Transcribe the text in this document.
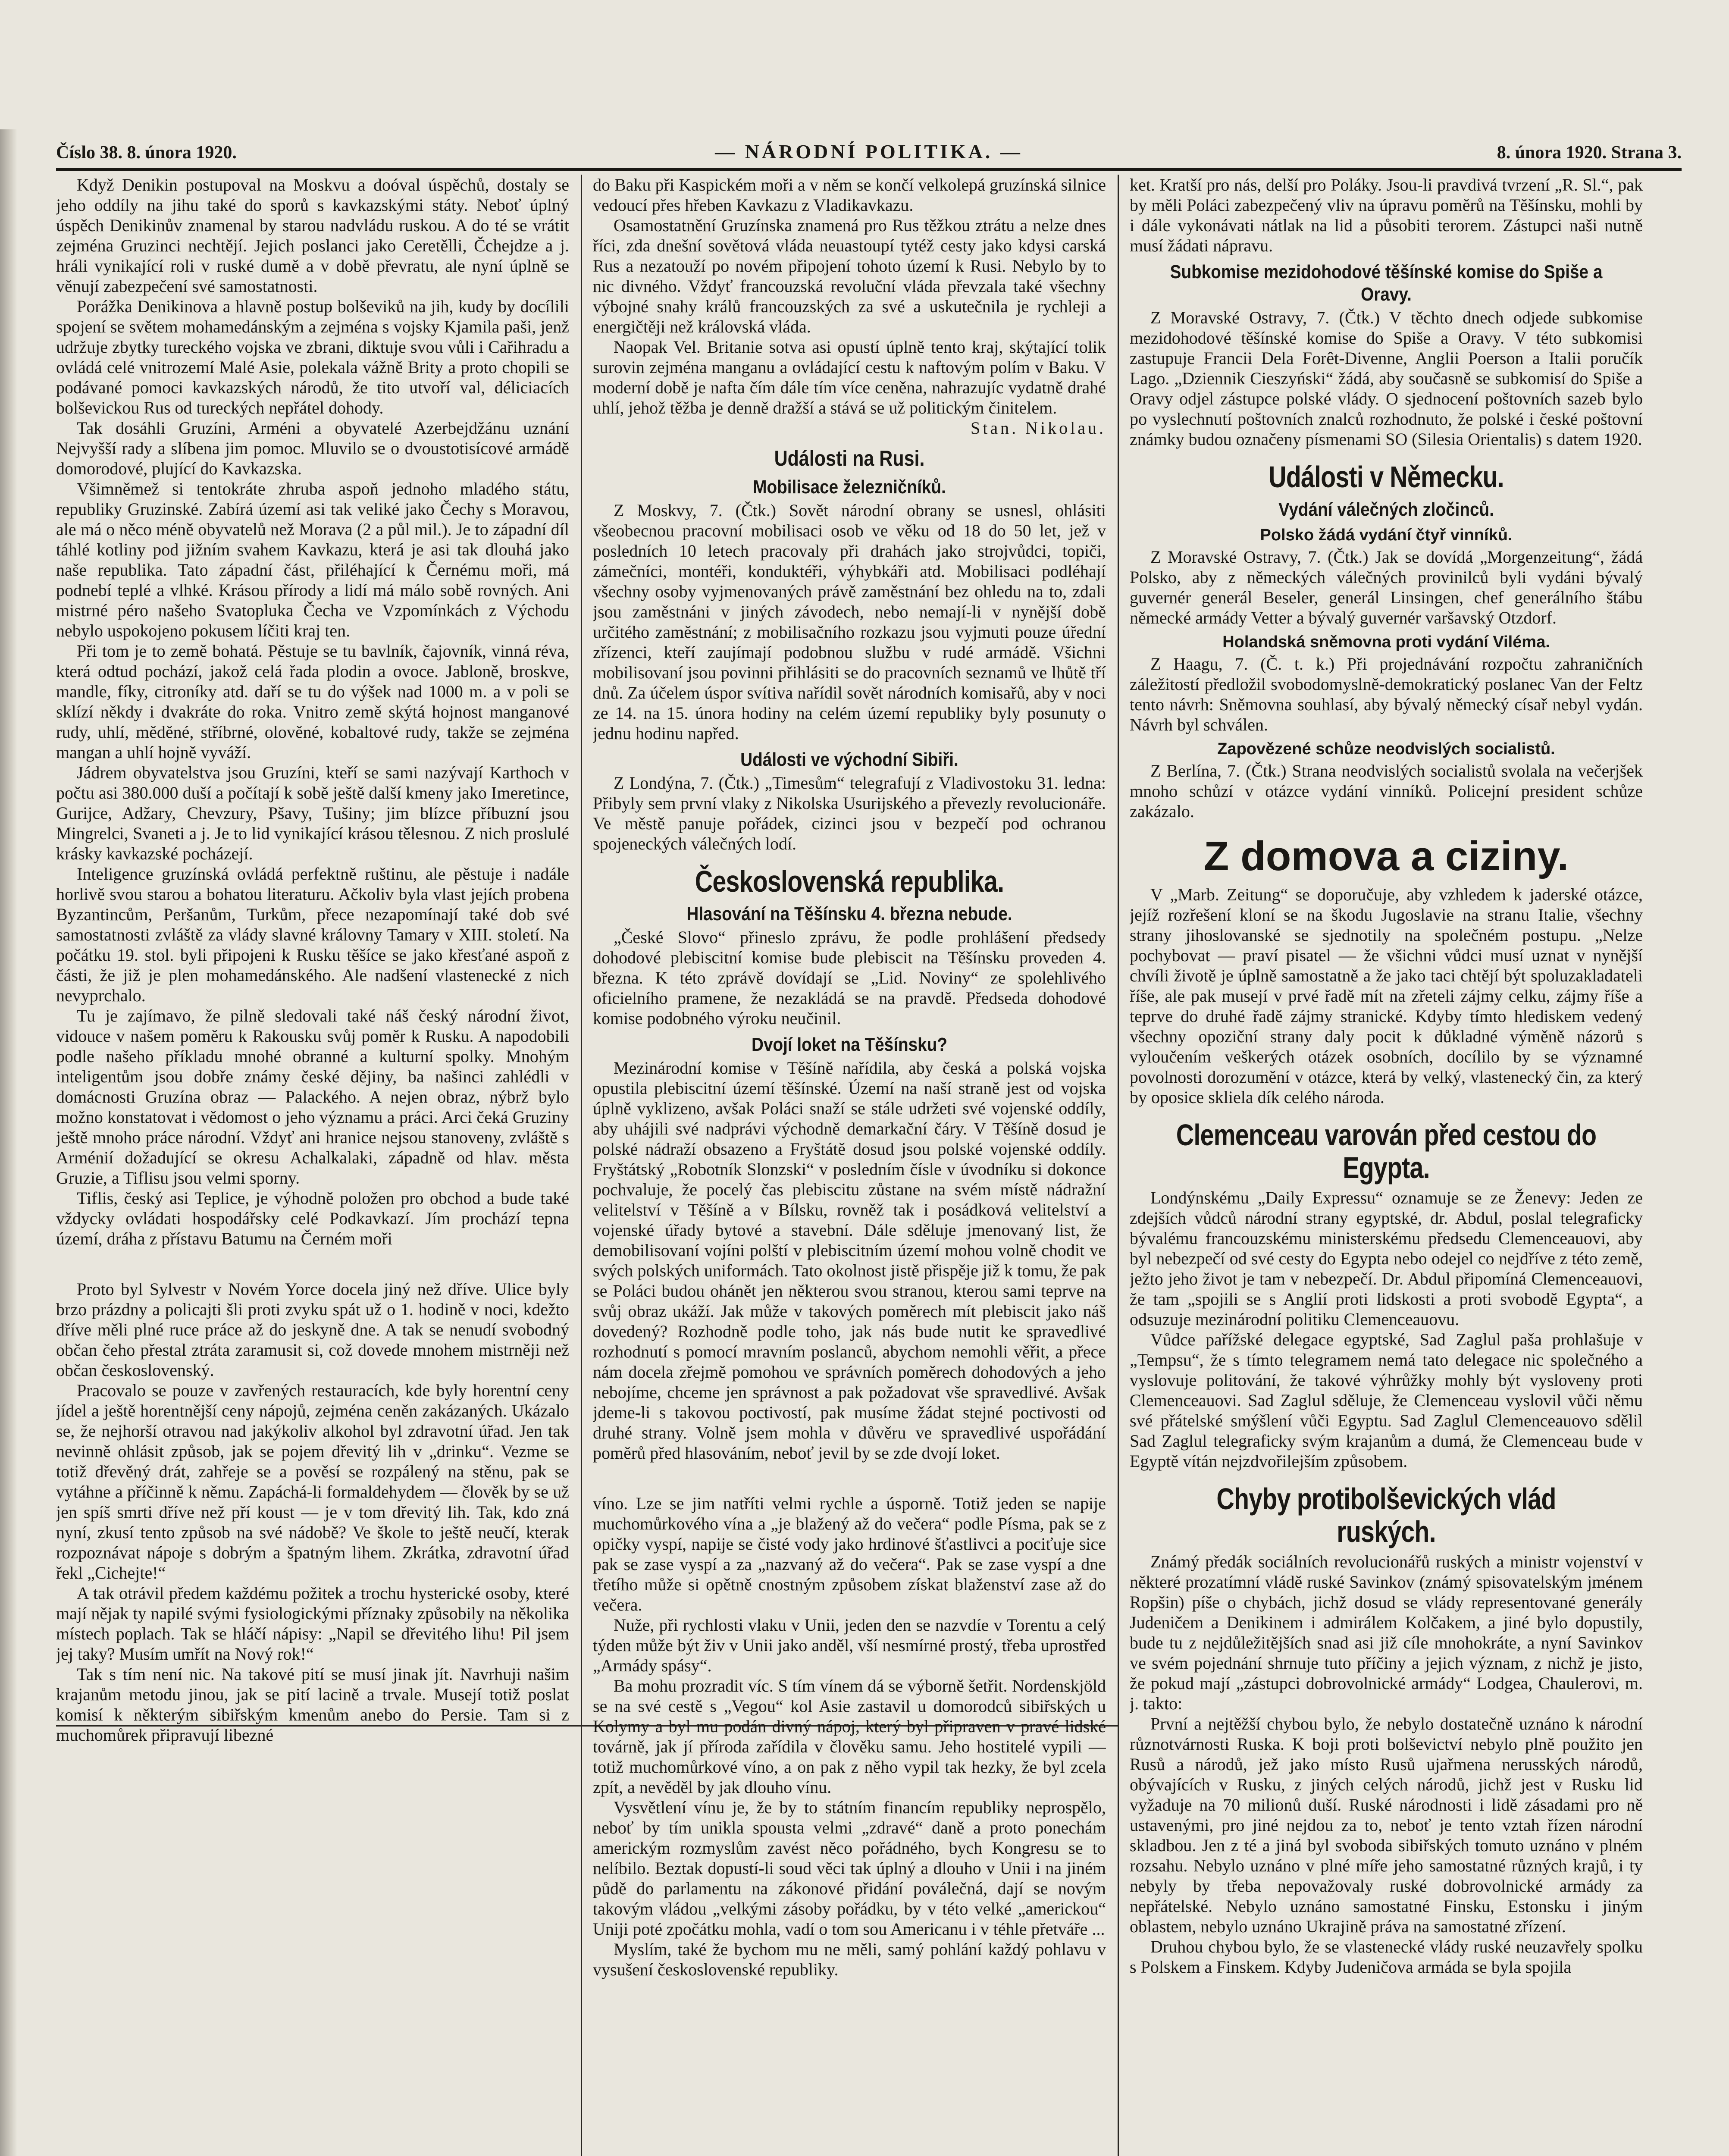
Číslo 38. 8. února 1920.	— NÁRODNÍ POLITIKA. —	8. února 1920. Strana 3.

Když Denikin postupoval na Moskvu a doóval úspěchů, dostaly se jeho oddíly na jihu také do sporů s kavkazskými státy. Neboť úplný úspěch Denikinův znamenal by starou nadvládu ruskou. A do té se vrátit zejména Gruzinci nechtějí. Jejich poslanci jako Ceretělli, Čchejdze a j. hráli vynikající roli v ruské dumě a v době převratu, ale nyní úplně se věnují zabezpečení své samostatnosti.

Porážka Denikinova a hlavně postup bolševiků na jih, kudy by docílili spojení se světem mohamedánským a zejména s vojsky Kjamila paši, jenž udržuje zbytky tureckého vojska ve zbrani, diktuje svou vůli i Cařihradu a ovládá celé vnitrozemí Malé Asie, polekala vážně Brity a proto chopili se podávané pomoci kavkazských národů, že tito utvoří val, déliciacích bolševickou Rus od tureckých nepřátel dohody.

Tak dosáhli Gruzíni, Arméni a obyvatelé Azerbejdžánu uznání Nejvyšší rady a slíbena jim pomoc. Mluvilo se o dvoustotisícové armádě domorodové, plující do Kavkazska.

Všimněmež si tentokráte zhruba aspoň jednoho mladého státu, republiky Gruzinské. Zabírá území asi tak veliké jako Čechy s Moravou, ale má o něco méně obyvatelů než Morava (2 a půl mil.). Je to západní díl táhlé kotliny pod jižním svahem Kavkazu, která je asi tak dlouhá jako naše republika. Tato západní část, přiléhající k Černému moři, má podnebí teplé a vlhké. Krásou přírody a lidí má málo sobě rovných. Ani mistrné péro našeho Svatopluka Čecha ve Vzpomínkách z Východu nebylo uspokojeno pokusem líčiti kraj ten.

Při tom je to země bohatá. Pěstuje se tu bavlník, čajovník, vinná réva, která odtud pochází, jakož celá řada plodin a ovoce. Jabloně, broskve, mandle, fíky, citroníky atd. daří se tu do výšek nad 1000 m. a v poli se sklízí někdy i dvakráte do roka. Vnitro země skýtá hojnost manganové rudy, uhlí, měděné, stříbrné, olověné, kobaltové rudy, takže se zejména mangan a uhlí hojně vyváží.

Jádrem obyvatelstva jsou Gruzíni, kteří se sami nazývají Karthoch v počtu asi 380.000 duší a počítají k sobě ještě další kmeny jako Imeretince, Gurijce, Adžary, Chevzury, Pšavy, Tušiny; jim blízce příbuzní jsou Mingrelci, Svaneti a j. Je to lid vynikající krásou tělesnou. Z nich proslulé krásky kavkazské pocházejí.

Inteligence gruzínská ovládá perfektně ruštinu, ale pěstuje i nadále horlivě svou starou a bohatou literaturu. Ačkoliv byla vlast jejích probena Byzantincům, Peršanům, Turkům, přece nezapomínají také dob své samostatnosti zvláště za vlády slavné královny Tamary v XIII. století. Na počátku 19. stol. byli připojeni k Rusku těšíce se jako křesťané aspoň z části, že již je plen mohamedánského. Ale nadšení vlastenecké z nich nevyprchalo.

Tu je zajímavo, že pilně sledovali také náš český národní život, vidouce v našem poměru k Rakousku svůj poměr k Rusku. A napodobili podle našeho příkladu mnohé obranné a kulturní spolky. Mnohým inteligentům jsou dobře známy české dějiny, ba našinci zahlédli v domácnosti Gruzína obraz — Palackého. A nejen obraz, nýbrž bylo možno konstatovat i vědomost o jeho významu a práci. Arci čeká Gruziny ještě mnoho práce národní. Vždyť ani hranice nejsou stanoveny, zvláště s Arménií dožadující se okresu Achalkalaki, západně od hlav. města Gruzie, a Tiflisu jsou velmi sporny.

Tiflis, český asi Teplice, je výhodně položen pro obchod a bude také vždycky ovládati hospodářsky celé Podkavkazí. Jím prochází tepna území, dráha z přístavu Batumu na Černém moři

Proto byl Sylvestr v Novém Yorce docela jiný než dříve. Ulice byly brzo prázdny a policajti šli proti zvyku spát už o 1. hodině v noci, kdežto dříve měli plné ruce práce až do jeskyně dne. A tak se nenudí svobodný občan čeho přestal ztráta zaramusit si, což dovede mnohem mistrněji než občan československý.

Pracovalo se pouze v zavřených restauracích, kde byly horentní ceny jídel a ještě horentnější ceny nápojů, zejména ceněn zakázaných. Ukázalo se, že nejhorší otravou nad jakýkoliv alkohol byl zdravotní úřad. Jen tak nevinně ohlásit způsob, jak se pojem dřevitý lih v „drinku“. Vezme se totiž dřevěný drát, zahřeje se a pověsí se rozpálený na stěnu, pak se vytáhne a příčinně k němu. Zapáchá-li formaldehydem — člověk by se už jen spíš smrti dříve než pří koust — je v tom dřevitý lih. Tak, kdo zná nyní, zkusí tento způsob na své nádobě? Ve škole to ještě neučí, kterak rozpoznávat nápoje s dobrým a špatným lihem. Zkrátka, zdravotní úřad řekl „Cichejte!“

A tak otrávil předem každému požitek a trochu hysterické osoby, které mají nějak ty napilé svými fysiologickými příznaky způsobily na několika místech poplach. Tak se hláčí nápisy: „Napil se dřevitého lihu! Pil jsem jej taky? Musím umřít na Nový rok!“

Tak s tím není nic. Na takové pití se musí jinak jít. Navrhuji našim krajanům metodu jinou, jak se pití lacině a trvale. Musejí totiž poslat komisí k některým sibiřským kmenům anebo do Persie. Tam si z muchomůrek připravují libezné

do Baku při Kaspickém moři a v něm se končí velkolepá gruzínská silnice vedoucí přes hřeben Kavkazu z Vladikavkazu.

Osamostatnění Gruzínska znamená pro Rus těžkou ztrátu a nelze dnes říci, zda dnešní sovětová vláda neuastoupí tytéž cesty jako kdysi carská Rus a nezatouží po novém připojení tohoto území k Rusi. Nebylo by to nic divného. Vždyť francouzská revoluční vláda převzala také všechny výbojné snahy králů francouzských za své a uskutečnila je rychleji a energičtěji než královská vláda.

Naopak Vel. Britanie sotva asi opustí úplně tento kraj, skýtající tolik surovin zejména manganu a ovládající cestu k naftovým polím v Baku. V moderní době je nafta čím dále tím více ceněna, nahrazujíc vydatně drahé uhlí, jehož těžba je denně dražší a stává se už politickým činitelem.

Stan. Nikolau.

Události na Rusi.
Mobilisace železničníků.

Z Moskvy, 7. (Čtk.) Sovět národní obrany se usnesl, ohlásiti všeobecnou pracovní mobilisaci osob ve věku od 18 do 50 let, jež v posledních 10 letech pracovaly při drahách jako strojvůdci, topiči, zámečníci, montéři, konduktéři, výhybkáři atd. Mobilisaci podléhají všechny osoby vyjmenovaných právě zaměstnání bez ohledu na to, zdali jsou zaměstnáni v jiných závodech, nebo nemají-li v nynější době určitého zaměstnání; z mobilisačního rozkazu jsou vyjmuti pouze úřední zřízenci, kteří zaujímají podobnou službu v rudé armádě. Všichni mobilisovaní jsou povinni přihlásiti se do pracovních seznamů ve lhůtě tří dnů. Za účelem úspor svítiva nařídil sovět národních komisařů, aby v noci ze 14. na 15. února hodiny na celém území republiky byly posunuty o jednu hodinu napřed.

Události ve východní Sibiři.

Z Londýna, 7. (Čtk.) „Timesům“ telegrafují z Vladivostoku 31. ledna: Přibyly sem první vlaky z Nikolska Usurijského a převezly revolucionáře. Ve městě panuje pořádek, cizinci jsou v bezpečí pod ochranou spojeneckých válečných lodí.

Československá republika.
Hlasování na Těšínsku 4. března nebude.

„České Slovo“ přineslo zprávu, že podle prohlášení předsedy dohodové plebiscitní komise bude plebiscit na Těšínsku proveden 4. března. K této zprávě dovídají se „Lid. Noviny“ ze spolehlivého oficielního pramene, že nezakládá se na pravdě. Předseda dohodové komise podobného výroku neučinil.

Dvojí loket na Těšínsku?

Mezinárodní komise v Těšíně nařídila, aby česká a polská vojska opustila plebiscitní území těšínské. Území na naší straně jest od vojska úplně vyklizeno, avšak Poláci snaží se stále udržeti své vojenské oddíly, aby uhájili své nadprávi východně demarkační čáry. V Těšíně dosud je polské nádraží obsazeno a Fryštátě dosud jsou polské vojenské oddíly. Fryštátský „Robotník Slonzski“ v posledním čísle v úvodníku si dokonce pochvaluje, že pocelý čas plebiscitu zůstane na svém místě nádražní velitelství v Těšíně a v Bílsku, rovněž tak i posádková velitelství a vojenské úřady bytové a stavební. Dále sděluje jmenovaný list, že demobilisovaní vojíni polští v plebiscitním území mohou volně chodit ve svých polských uniformách. Tato okolnost jistě přispěje již k tomu, že pak se Poláci budou ohánět jen některou svou stranou, kterou sami teprve na svůj obraz ukáží. Jak může v takových poměrech mít plebiscit jako náš dovedený? Rozhodně podle toho, jak nás bude nutit ke spravedlivé rozhodnutí s pomocí mravním poslanců, abychom nemohli věřit, a přece nám docela zřejmě pomohou ve správních poměrech dohodových a jeho nebojíme, chceme jen správnost a pak požadovat vše spravedlivé. Avšak jdeme-li s takovou poctivostí, pak musíme žádat stejné poctivosti od druhé strany. Volně jsem mohla v důvěru ve spravedlivé uspořádání poměrů před hlasováním, neboť jevil by se zde dvojí loket.

víno. Lze se jim natříti velmi rychle a úsporně. Totiž jeden se napije muchomůrkového vína a „je blažený až do večera“ podle Písma, pak se z opičky vyspí, napije se čisté vody jako hrdinové šťastlivci a pociťuje sice pak se zase vyspí a za „nazvaný až do večera“. Pak se zase vyspí a dne třetího může si opětně cnostným způsobem získat blaženství zase až do večera.

Nuže, při rychlosti vlaku v Unii, jeden den se nazvdíe v Torentu a celý týden může být živ v Unii jako anděl, vší nesmírné prostý, třeba uprostřed „Armády spásy“.

Ba mohu prozradit víc. S tím vínem dá se výborně šetřit. Nordenskjöld se na své cestě s „Vegou“ kol Asie zastavil u domorodců sibiřských u Kolymy a byl mu podán divný nápoj, který byl připraven v pravé lidské továrně, jak jí příroda zařídila v člověku samu. Jeho hostitelé vypili — totiž muchomůrkové víno, a on pak z něho vypil tak hezky, že byl zcela zpít, a nevěděl by jak dlouho vínu.

Vysvětlení vínu je, že by to státním financím republiky neprospělo, neboť by tím unikla spousta velmi „zdravé“ daně a proto ponechám americkým rozmyslům zavést něco pořádného, bych Kongresu se to nelíbilo. Beztak dopustí-li soud věci tak úplný a dlouho v Unii i na jiném půdě do parlamentu na zákonové přidání poválečná, dají se novým takovým vládou „velkými zásoby pořádku, by v této velké „americkou“ Uniji poté zpočátku mohla, vadí o tom sou Americanu i v téhle přetváře ...

Myslím, také že bychom mu ne měli, samý pohlání každý pohlavu v vysušení československé republiky.

ket. Kratší pro nás, delší pro Poláky. Jsou-li pravdivá tvrzení „R. Sl.“, pak by měli Poláci zabezpečený vliv na úpravu poměrů na Těšínsku, mohli by i dále vykonávati nátlak na lid a působiti terorem. Zástupci naši nutně musí žádati nápravu.

Subkomise mezidohodové těšínské komise do Spiše a Oravy.

Z Moravské Ostravy, 7. (Čtk.) V těchto dnech odjede subkomise mezidohodové těšínské komise do Spiše a Oravy. V této subkomisi zastupuje Francii Dela Forêt-Divenne, Anglii Poerson a Italii poručík Lago. „Dziennik Cieszyński“ žádá, aby současně se subkomisí do Spiše a Oravy odjel zástupce polské vlády. O sjednocení poštovních sazeb bylo po vyslechnutí poštovních znalců rozhodnuto, že polské i české poštovní známky budou označeny písmenami SO (Silesia Orientalis) s datem 1920.

Události v Německu.
Vydání válečných zločinců.
Polsko žádá vydání čtyř vinníků.

Z Moravské Ostravy, 7. (Čtk.) Jak se dovídá „Morgenzeitung“, žádá Polsko, aby z německých válečných provinilců byli vydáni bývalý guvernér generál Beseler, generál Linsingen, chef generálního štábu německé armády Vetter a bývalý guvernér varšavský Otzdorf.

Holandská sněmovna proti vydání Viléma.

Z Haagu, 7. (Č. t. k.) Při projednávání rozpočtu zahraničních záležitostí předložil svobodomyslně-demokratický poslanec Van der Feltz tento návrh: Sněmovna souhlasí, aby bývalý německý císař nebyl vydán. Návrh byl schválen.

Zapovězené schůze neodvislých socialistů.

Z Berlína, 7. (Čtk.) Strana neodvislých socialistů svolala na večerjšek mnoho schůzí v otázce vydání vinníků. Policejní president schůze zakázalo.

Z domova a ciziny.

V „Marb. Zeitung“ se doporučuje, aby vzhledem k jaderské otázce, jejíž rozřešení kloní se na škodu Jugoslavie na stranu Italie, všechny strany jihoslovanské se sjednotily na společném postupu. „Nelze pochybovat — praví pisatel — že všichni vůdci musí uznat v nynější chvíli životě je úplně samostatně a že jako taci chtějí být spoluzakladateli říše, ale pak musejí v prvé řadě mít na zřeteli zájmy celku, zájmy říše a teprve do druhé řadě zájmy stranické. Kdyby tímto hlediskem vedený všechny opoziční strany daly pocit k důkladné výměně názorů s vyloučením veškerých otázek osobních, docílilo by se významné povolnosti dorozumění v otázce, která by velký, vlastenecký čin, za který by oposice skliela dík celého národa.

Clemenceau varován před cestou do Egypta.

Londýnskému „Daily Expressu“ oznamuje se ze Ženevy: Jeden ze zdejších vůdců národní strany egyptské, dr. Abdul, poslal telegraficky bývalému francouzskému ministerskému předsedu Clemenceauovi, aby byl nebezpečí od své cesty do Egypta nebo odejel co nejdříve z této země, ježto jeho život je tam v nebezpečí. Dr. Abdul připomíná Clemenceauovi, že tam „spojili se s Anglií proti lidskosti a proti svobodě Egypta“, a odsuzuje mezinárodní politiku Clemenceauovu.

Vůdce pařížské delegace egyptské, Sad Zaglul paša prohlašuje v „Tempsu“, že s tímto telegramem nemá tato delegace nic společného a vyslovuje politování, že takové výhrůžky mohly být vysloveny proti Clemenceauovi. Sad Zaglul sděluje, že Clemenceau vyslovil vůči němu své přátelské smýšlení vůči Egyptu. Sad Zaglul Clemenceauovo sdělil Sad Zaglul telegraficky svým krajanům a dumá, že Clemenceau bude v Egyptě vítán nejzdvořilejším způsobem.

Chyby protibolševických vlád ruských.

Známý předák sociálních revolucionářů ruských a ministr vojenství v některé prozatímní vládě ruské Savinkov (známý spisovatelským jménem Ropšin) píše o chybách, jichž dosud se vlády representované generály Judeničem a Denikinem i admirálem Kolčakem, a jiné bylo dopustily, bude tu z nejdůležitějších snad asi již cíle mnohokráte, a nyní Savinkov ve svém pojednání shrnuje tuto příčiny a jejich význam, z nichž je jisto, že pokud mají „zástupci dobrovolnické armády“ Lodgea, Chaulerovi, m. j. takto:

První a nejtěžší chybou bylo, že nebylo dostatečně uznáno k národní různotvárnosti Ruska. K boji proti bolševictví nebylo plně použito jen Rusů a národů, jež jako místo Rusů ujařmena nerusských národů, obývajících v Rusku, z jiných celých národů, jichž jest v Rusku lid vyžaduje na 70 milionů duší. Ruské národnosti i lidě zásadami pro ně ustavenými, pro jiné nejdou za to, neboť je tento vztah řízen národní skladbou. Jen z té a jiná byl svoboda sibiřských tomuto uznáno v plném rozsahu. Nebylo uznáno v plné míře jeho samostatné různých krajů, i ty nebyly by třeba nepovažovaly ruské dobrovolnické armády za nepřátelské. Nebylo uznáno samostatné Finsku, Estonsku i jiným oblastem, nebylo uznáno Ukrajině práva na samostatné zřízení.

Druhou chybou bylo, že se vlastenecké vlády ruské neuzavřely spolku s Polskem a Finskem. Kdyby Judeničova armáda se byla spojila
